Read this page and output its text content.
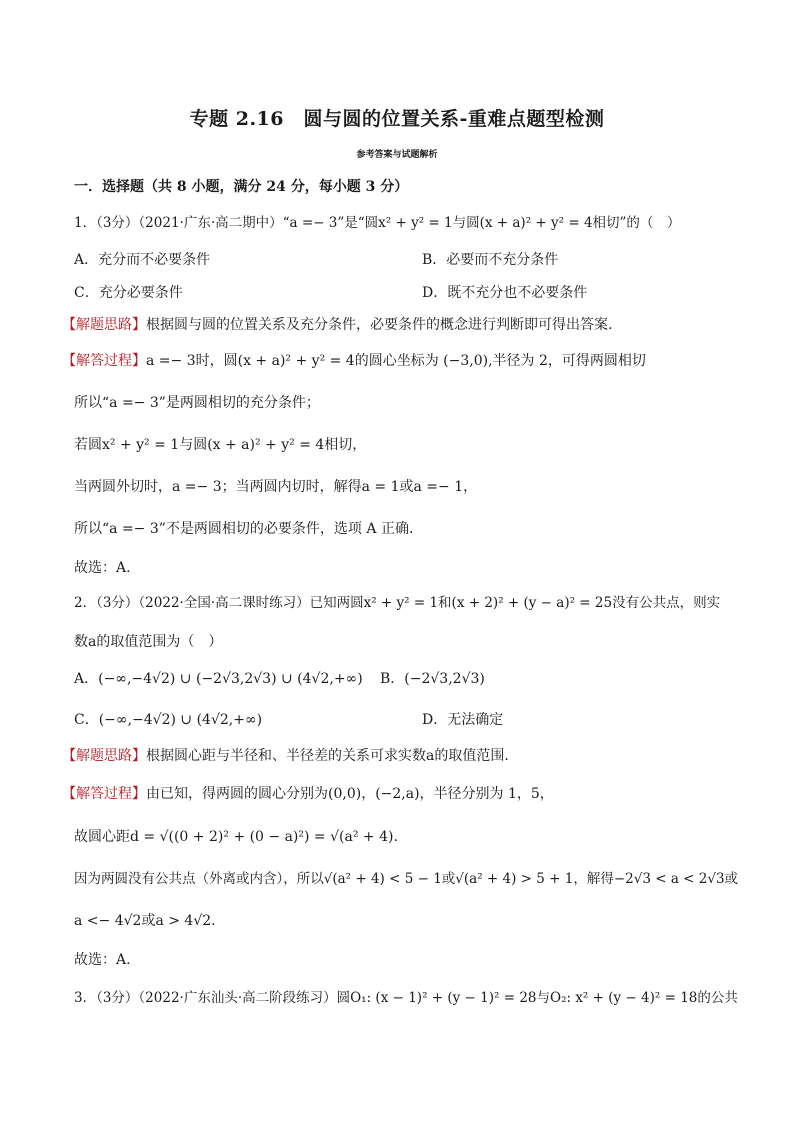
专题 2.16　圆与圆的位置关系-重难点题型检测
参考答案与试题解析
一．选择题（共 8 小题，满分 24 分，每小题 3 分）
1．（3分）（2021·广东·高二期中）“a =− 3”是“圆x² + y² = 1与圆(x + a)² + y² = 4相切”的（　）
A．充分而不必要条件	B．必要而不充分条件
C．充分必要条件	D．既不充分也不必要条件
【解题思路】根据圆与圆的位置关系及充分条件，必要条件的概念进行判断即可得出答案.
【解答过程】a =− 3时，圆(x + a)² + y² = 4的圆心坐标为 (−3,0),半径为 2，可得两圆相切
所以“a =− 3”是两圆相切的充分条件；
若圆x² + y² = 1与圆(x + a)² + y² = 4相切，
当两圆外切时，a =− 3；当两圆内切时，解得a = 1或a =− 1，
所以“a =− 3”不是两圆相切的必要条件，选项 A 正确.
故选：A.
2．（3分）（2022·全国·高二课时练习）已知两圆x² + y² = 1和(x + 2)² + (y − a)² = 25没有公共点，则实
数a的取值范围为（　）
A．(−∞,−4√2) ∪ (−2√3,2√3) ∪ (4√2,+∞) B．(−2√3,2√3)
C．(−∞,−4√2) ∪ (4√2,+∞)	D．无法确定
【解题思路】根据圆心距与半径和、半径差的关系可求实数a的取值范围.
【解答过程】由已知，得两圆的圆心分别为(0,0)，(−2,a)，半径分别为 1，5，
故圆心距d = √((0 + 2)² + (0 − a)²) = √(a² + 4).
因为两圆没有公共点（外离或内含），所以√(a² + 4) < 5 − 1或√(a² + 4) > 5 + 1，解得−2√3 < a < 2√3或
a <− 4√2或a > 4√2.
故选：A.
3．（3分）（2022·广东汕头·高二阶段练习）圆O₁: (x − 1)² + (y − 1)² = 28与O₂: x² + (y − 4)² = 18的公共
